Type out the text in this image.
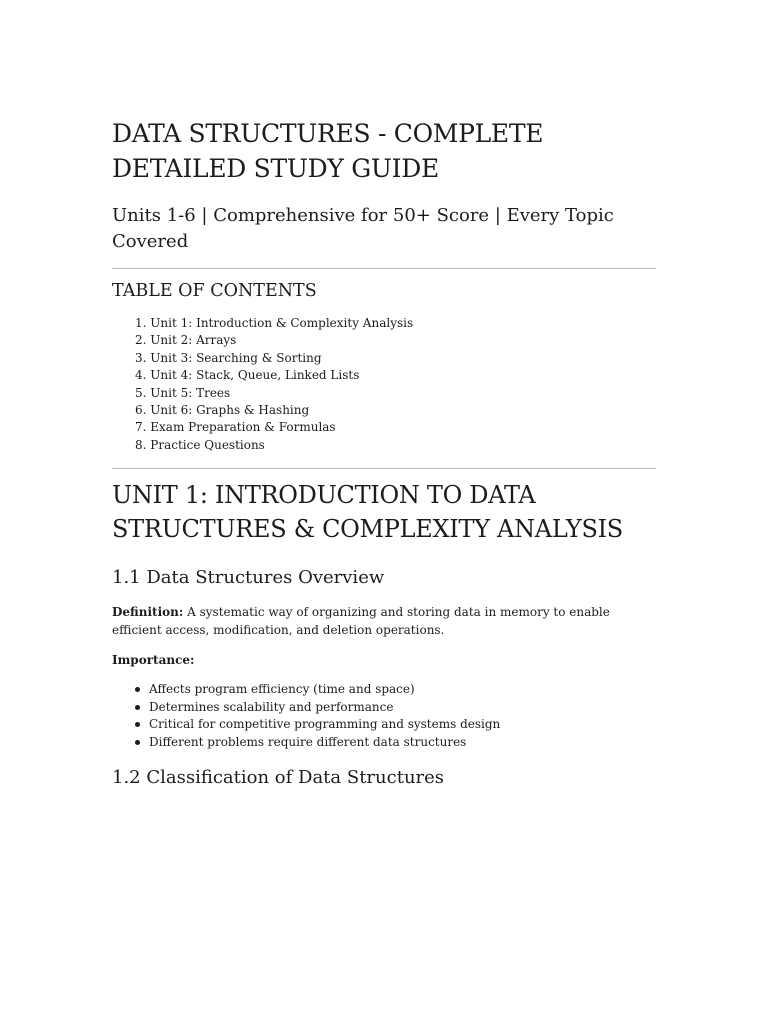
DATA STRUCTURES - COMPLETE DETAILED STUDY GUIDE
Units 1-6 | Comprehensive for 50+ Score | Every Topic Covered
TABLE OF CONTENTS
1. Unit 1: Introduction & Complexity Analysis
2. Unit 2: Arrays
3. Unit 3: Searching & Sorting
4. Unit 4: Stack, Queue, Linked Lists
5. Unit 5: Trees
6. Unit 6: Graphs & Hashing
7. Exam Preparation & Formulas
8. Practice Questions
UNIT 1: INTRODUCTION TO DATA STRUCTURES & COMPLEXITY ANALYSIS
1.1 Data Structures Overview

Definition: A systematic way of organizing and storing data in memory to enable efficient access, modification, and deletion operations.

Importance:

Affects program efficiency (time and space)
Determines scalability and performance
Critical for competitive programming and systems design
Different problems require different data structures
1.2 Classification of Data Structures
